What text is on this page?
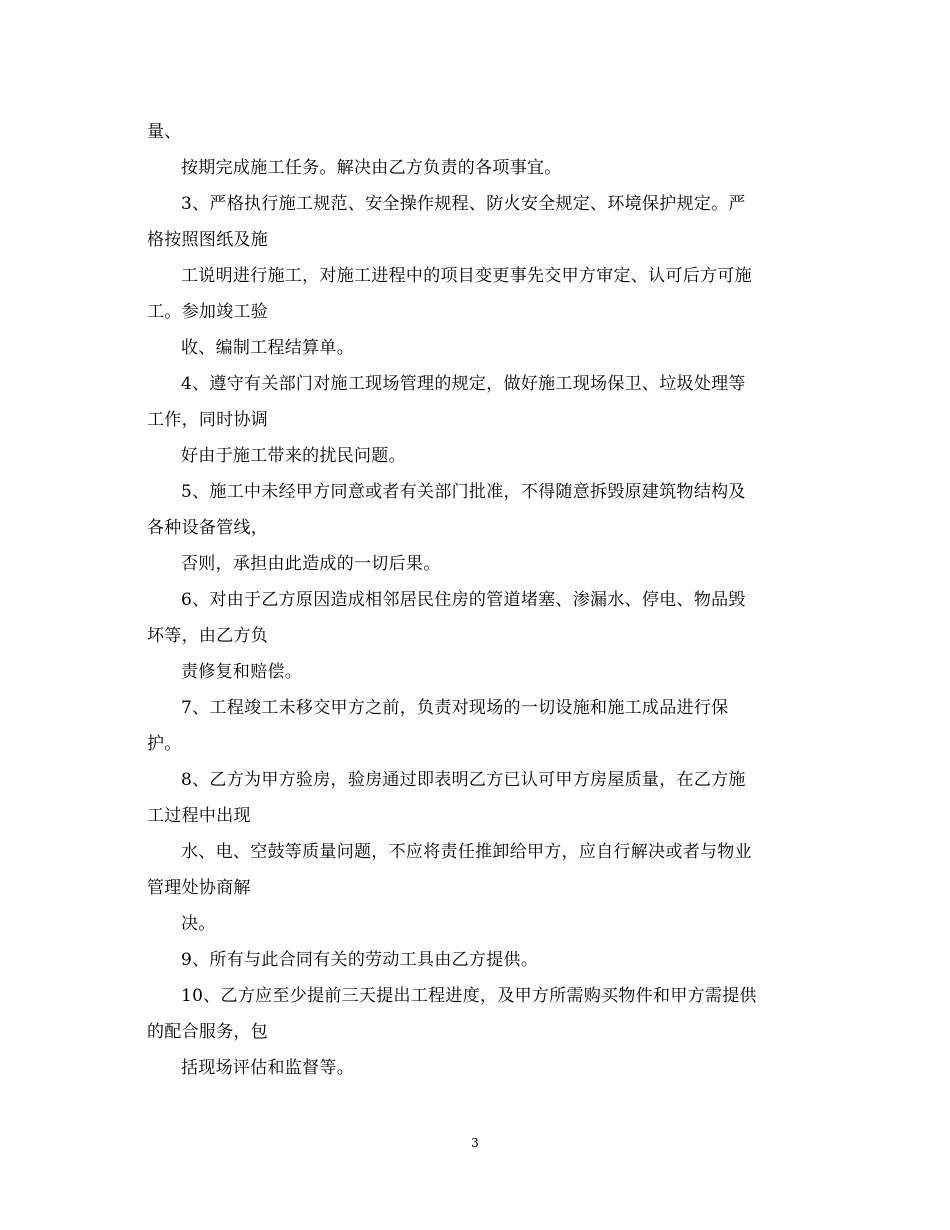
量、
按期完成施工任务。解决由乙方负责的各项事宜。
3、严格执行施工规范、安全操作规程、防火安全规定、环境保护规定。严
格按照图纸及施
工说明进行施工，对施工进程中的项目变更事先交甲方审定、认可后方可施
工。参加竣工验
收、编制工程结算单。
4、遵守有关部门对施工现场管理的规定，做好施工现场保卫、垃圾处理等
工作，同时协调
好由于施工带来的扰民问题。
5、施工中未经甲方同意或者有关部门批准，不得随意拆毁原建筑物结构及
各种设备管线，
否则，承担由此造成的一切后果。
6、对由于乙方原因造成相邻居民住房的管道堵塞、渗漏水、停电、物品毁
坏等，由乙方负
责修复和赔偿。
7、工程竣工未移交甲方之前，负责对现场的一切设施和施工成品进行保
护。
8、乙方为甲方验房，验房通过即表明乙方已认可甲方房屋质量，在乙方施
工过程中出现
水、电、空鼓等质量问题，不应将责任推卸给甲方，应自行解决或者与物业
管理处协商解
决。
9、所有与此合同有关的劳动工具由乙方提供。
10、乙方应至少提前三天提出工程进度，及甲方所需购买物件和甲方需提供
的配合服务，包
括现场评估和监督等。
3
